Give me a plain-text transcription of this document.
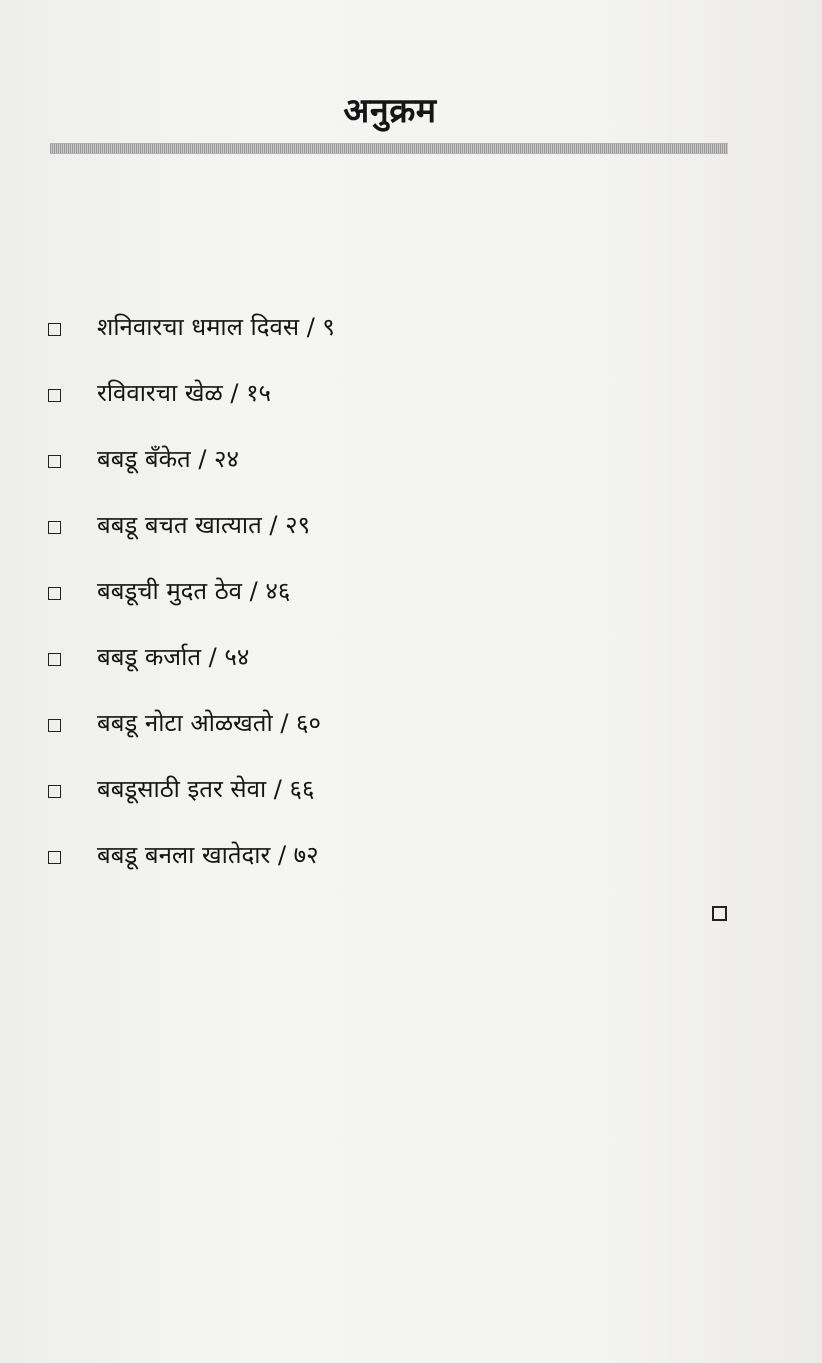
अनुक्रम
शनिवारचा धमाल दिवस / ९
रविवारचा खेळ / १५
बबडू बँकेत / २४
बबडू बचत खात्यात / २९
बबडूची मुदत ठेव / ४६
बबडू कर्जात / ५४
बबडू नोटा ओळखतो / ६०
बबडूसाठी इतर सेवा / ६६
बबडू बनला खातेदार / ७२
